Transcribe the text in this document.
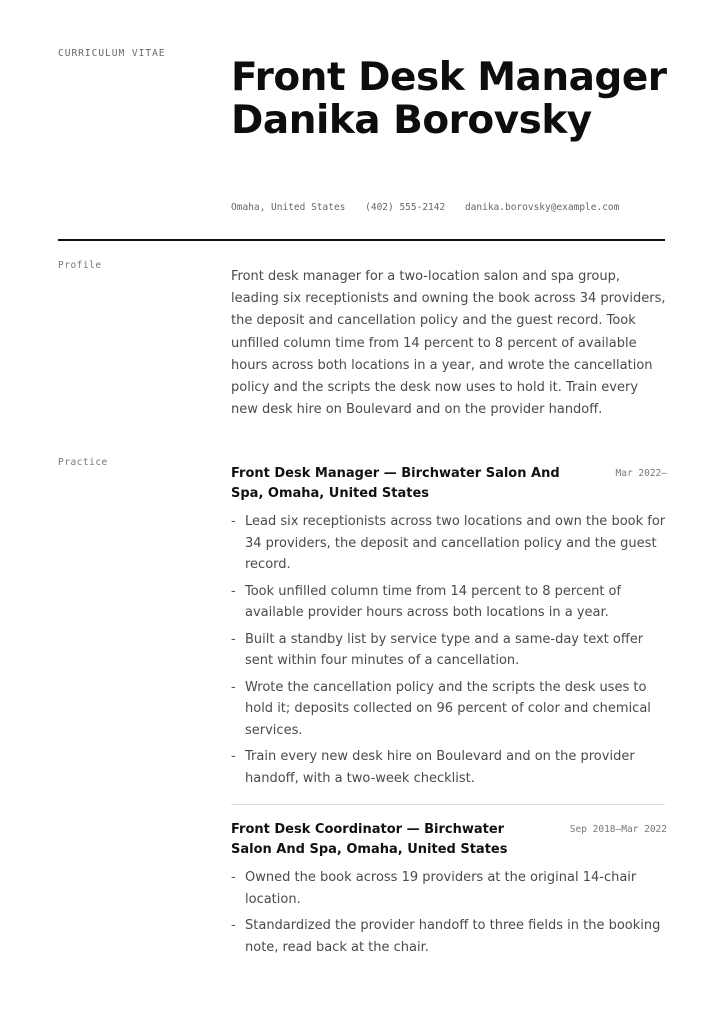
CURRICULUM VITAE
Front Desk Manager Danika Borovsky
Omaha, United States (402) 555-2142 danika.borovsky@example.com
Profile

Front desk manager for a two-location salon and spa group, leading six receptionists and owning the book across 34 providers, the deposit and cancellation policy and the guest record. Took unfilled column time from 14 percent to 8 percent of available hours across both locations in a year, and wrote the cancellation policy and the scripts the desk now uses to hold it. Train every new desk hire on Boulevard and on the provider handoff.

Practice
Front Desk Manager — Birchwater Salon And Spa, Omaha, United States
Mar 2022–
- Lead six receptionists across two locations and own the book for 34 providers, the deposit and cancellation policy and the guest record.
- Took unfilled column time from 14 percent to 8 percent of available provider hours across both locations in a year.
- Built a standby list by service type and a same-day text offer sent within four minutes of a cancellation.
- Wrote the cancellation policy and the scripts the desk uses to hold it; deposits collected on 96 percent of color and chemical services.
- Train every new desk hire on Boulevard and on the provider handoff, with a two-week checklist.
Front Desk Coordinator — Birchwater Salon And Spa, Omaha, United States
Sep 2018–Mar 2022
- Owned the book across 19 providers at the original 14-chair location.
- Standardized the provider handoff to three fields in the booking note, read back at the chair.
